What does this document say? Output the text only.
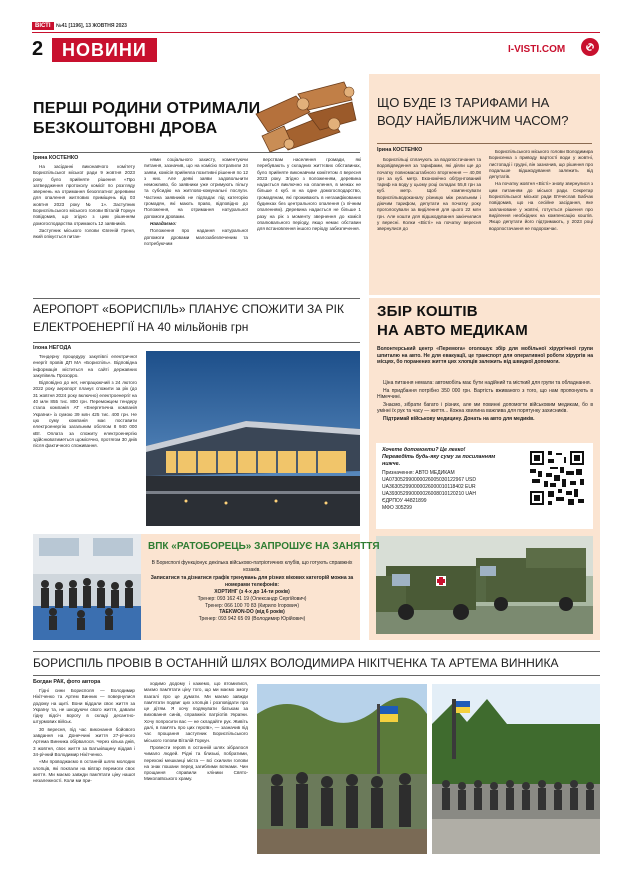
ВІСТІ	№41 [1196], 13 ЖОВТНЯ 2023
2	НОВИНИ	I-VISTI.COM
ПЕРШІ РОДИНИ ОТРИМАЛИ
БЕЗКОШТОВНІ ДРОВА
Ірина КОСТЕНКО

На засіданні виконавчого комітету Бориспільської міської ради 9 жовтня 2023 року було прийняте рішення «Про затвердження протоколу комісії по розгляду звернень на отримання безоплатної деревини для опалення житлових приміщень від 03 жовтня 2023 року № 1». Заступник Бориспільського міського голови Віталій Горкун повідомив, що згідно з цим рішенням домогосподарства отримають 12 заявників.

Заступник міського голови Євгеній Греня, який опікується питан-

нями соціального захисту, коментуючи питання, зазначив, що на комісію потрапили 24 заяви, комісія прийняла позитивні рішення по 12 з них. Але деякі заяви задовольнити неможливо, бо заявники уже отримують пільгу та субсидію на житлово-комунальні послуги. Частина заявників не підпадає під категорію громадян, які мають право, відповідно до Положення, на отримання натуральної допомоги дровами.

Нагадаємо:

Положення про надання натуральної допомоги дровами малозабезпеченим та потребуючим

верствам населення громади, які перебувають у складних життєвих обставинах, було прийняте виконавчим комітетом 4 вересня 2023 року. Згідно з положенням, деревина надається виключно на опалення, в межах не більше 4 куб. м на одне домогосподарство, громадянам, які проживають в негазифікованих будинках без центрального опалення (з пічним опаленням). Деревина надається не більше 1 разу на рік з моменту звернення до комісії опалювального періоду, якщо немає обставин для встановлення іншого періоду забезпечення.

ЩО БУДЕ ІЗ ТАРИФАМИ НА
ВОДУ НАЙБЛИЖЧИМ ЧАСОМ?
Ірина КОСТЕНКО

Бориспільці сплачують за водопостачання та водовідведення за тарифами, які діяли ще до початку повномасштабного вторгнення — 40,08 грн за куб. метр. Економічно обґрунтований тариф на воду у цьому році складає 55,8 грн за куб. метр. Щоб компенсувати Бориспільводоканалу різницю між реальним і діючим тарифом, депутати на початку року проголосували за виділення для цього 22 млн грн. Але кошти для відшкодування закінчилися у вересні. Колки «Вісті» на початку вересня звернулися до

Бориспільського міського голови Володимира Борисенка з приводу вартості води у жовтні, листопаді і грудні, він зазначив, що рішення про подальше відшкодування залежить від депутатів.

На початку жовтня «Вісті» знову звернулися з цим питанням до міської ради. Секретар Бориспільської міської ради В'ячеслав Бабчак повідомив, що на сесійне засідання, яке заплановане у жовтні, готується рішення про виділення необхідних на компенсацію коштів. Якщо депутати його підтримають, у 2023 році водопостачання не подорожчає.

АЕРОПОРТ «БОРИСПІЛЬ» ПЛАНУЄ СПОЖИТИ ЗА РІК
ЕЛЕКТРОЕНЕРГІЇ НА 40 мільйонів грн
Ілона НЕГОДА

Тендерну процедуру закупівлі електричної енергії провів ДП МА «Бориспіль». Відповідна інформація міститься на сайті державних закупівель Прозорро.

Відповідно до неї, непрацюючий з 24 лютого 2022 року аеропорт планує спожити за рік (до 31 жовтня 2024 року включно) електроенергії на 40 млн 855 тис. 800 грн. Переможцем тендеру стала компанія АТ «Енергетична компанія України» із сумою 39 млн 425 тис. 400 грн. Не цю суму компанія має поставити електроенергію загальним обсягом 8 940 000 кВт. Оплата за спожиту електроенергію здійснюватиметься щомісячно, протягом 30 днів після фактичного споживання.

ЗБІР КОШТІВ
НА АВТО МЕДИКАМ
Волонтерський центр «Перемога» оголошує збір для мобільної хірургічної групи шпиталю на авто. Не для евакуації, це транспорт для оперативної роботи хірургів на місцях, бо поранених життя цих хлопців залежить від швидкої допомоги.

Ціна питання немала: автомобіль має бути надійний та місткий для групи та обладнання.

На придбання потрібно 350 000 грн. Вартість вживаного з того, що нам пропонують в Німеччині.

Знаємо, зібрати багато і різних, але ми повинні допомогти військовим медикам, бо в умінні їх рук та часу — життя... Кожна хвилина важлива для порятунку захисників.

Підтримай військову медицину. Донать на авто для медиків.

Хочете допомогти? Це легко!
Переведіть будь-яку суму за посиланням нижче.
Призначення: АВТО МЕДИКАМ
UA073052990000026005030122967 USD
UA363052990000026000010118402 EUR
UA393052990000026008010120210 UAH
ЄДРПОУ 44821899
МФО 305299
ВПК «РАТОБОРЕЦЬ» ЗАПРОШУЄ НА ЗАНЯТТЯ
В Борисполі функціонує декілька військово-патріотичних клубів, що готують справжніх козаків.
Записатися та дізнатися графік тренувань для різних вікових категорій можна за номерами телефонів:
ХОРТИНГ (з 4-х до 14-ти років)
Тренер: 093 162 41 19 (Олександр Сергійович)
Тренер: 066 100 70 83 (Кирило Ігорович)
TAEKWON-DO (від 6 років)
Тренер: 093 942 65 09 (Володимир Юрійович)
БОРИСПІЛЬ ПРОВІВ В ОСТАННІЙ ШЛЯХ ВОЛОДИМИРА НІКІТЧЕНКА ТА АРТЕМА ВИННИКА
Богдан РАК, фото автора

Гідні сини Борисполя — Володимир Нікітченко та Артем Винник — повернулися додому на щиті. Вони віддали своє життя за Україну та, не шкодуючи свого життя, давали гідну відсіч ворогу в складі десантно-штурмових військ.

30 вересня, під час виконання бойового завдання на Донеччині життя 27-річного Артема Винника обірвалося. Через кілька днів, 3 жовтня, своє життя за Батьківщину віддав і 34-річний Володимир Нікітченко.

«Ми проводжаємо в останній шлях молодих хлопців, які поклали на вівтар перемоги своє життя. Ми маємо завжди пам'ятати ціну нашої незалежності. Коли ми при-

ходимо додому і кажемо, що втомилися, маємо пам'ятати ціну того, що ми маємо змогу взагалі про це думати. Ми маємо завжди пам'ятати подвиг цих хлопців і розповідати про це дітям. Я хочу подякувати батькам за виховання синів, справжніх патріотів України. Хочу попросити вас — не складайте рук. Живіть далі, в пам'ять про цих героїв», — зазначив під час прощання заступник Бориспільського міського голови Віталій Горкун.

Провести героїв в останній шлях зібралося чимало людей. Рідні та близькі, побратими, перехожі мешканці міста — всі схилили голови на знак пошани перед загиблими воїнами. Чин прощання справили кліники Свято-Миколаївського храму.
